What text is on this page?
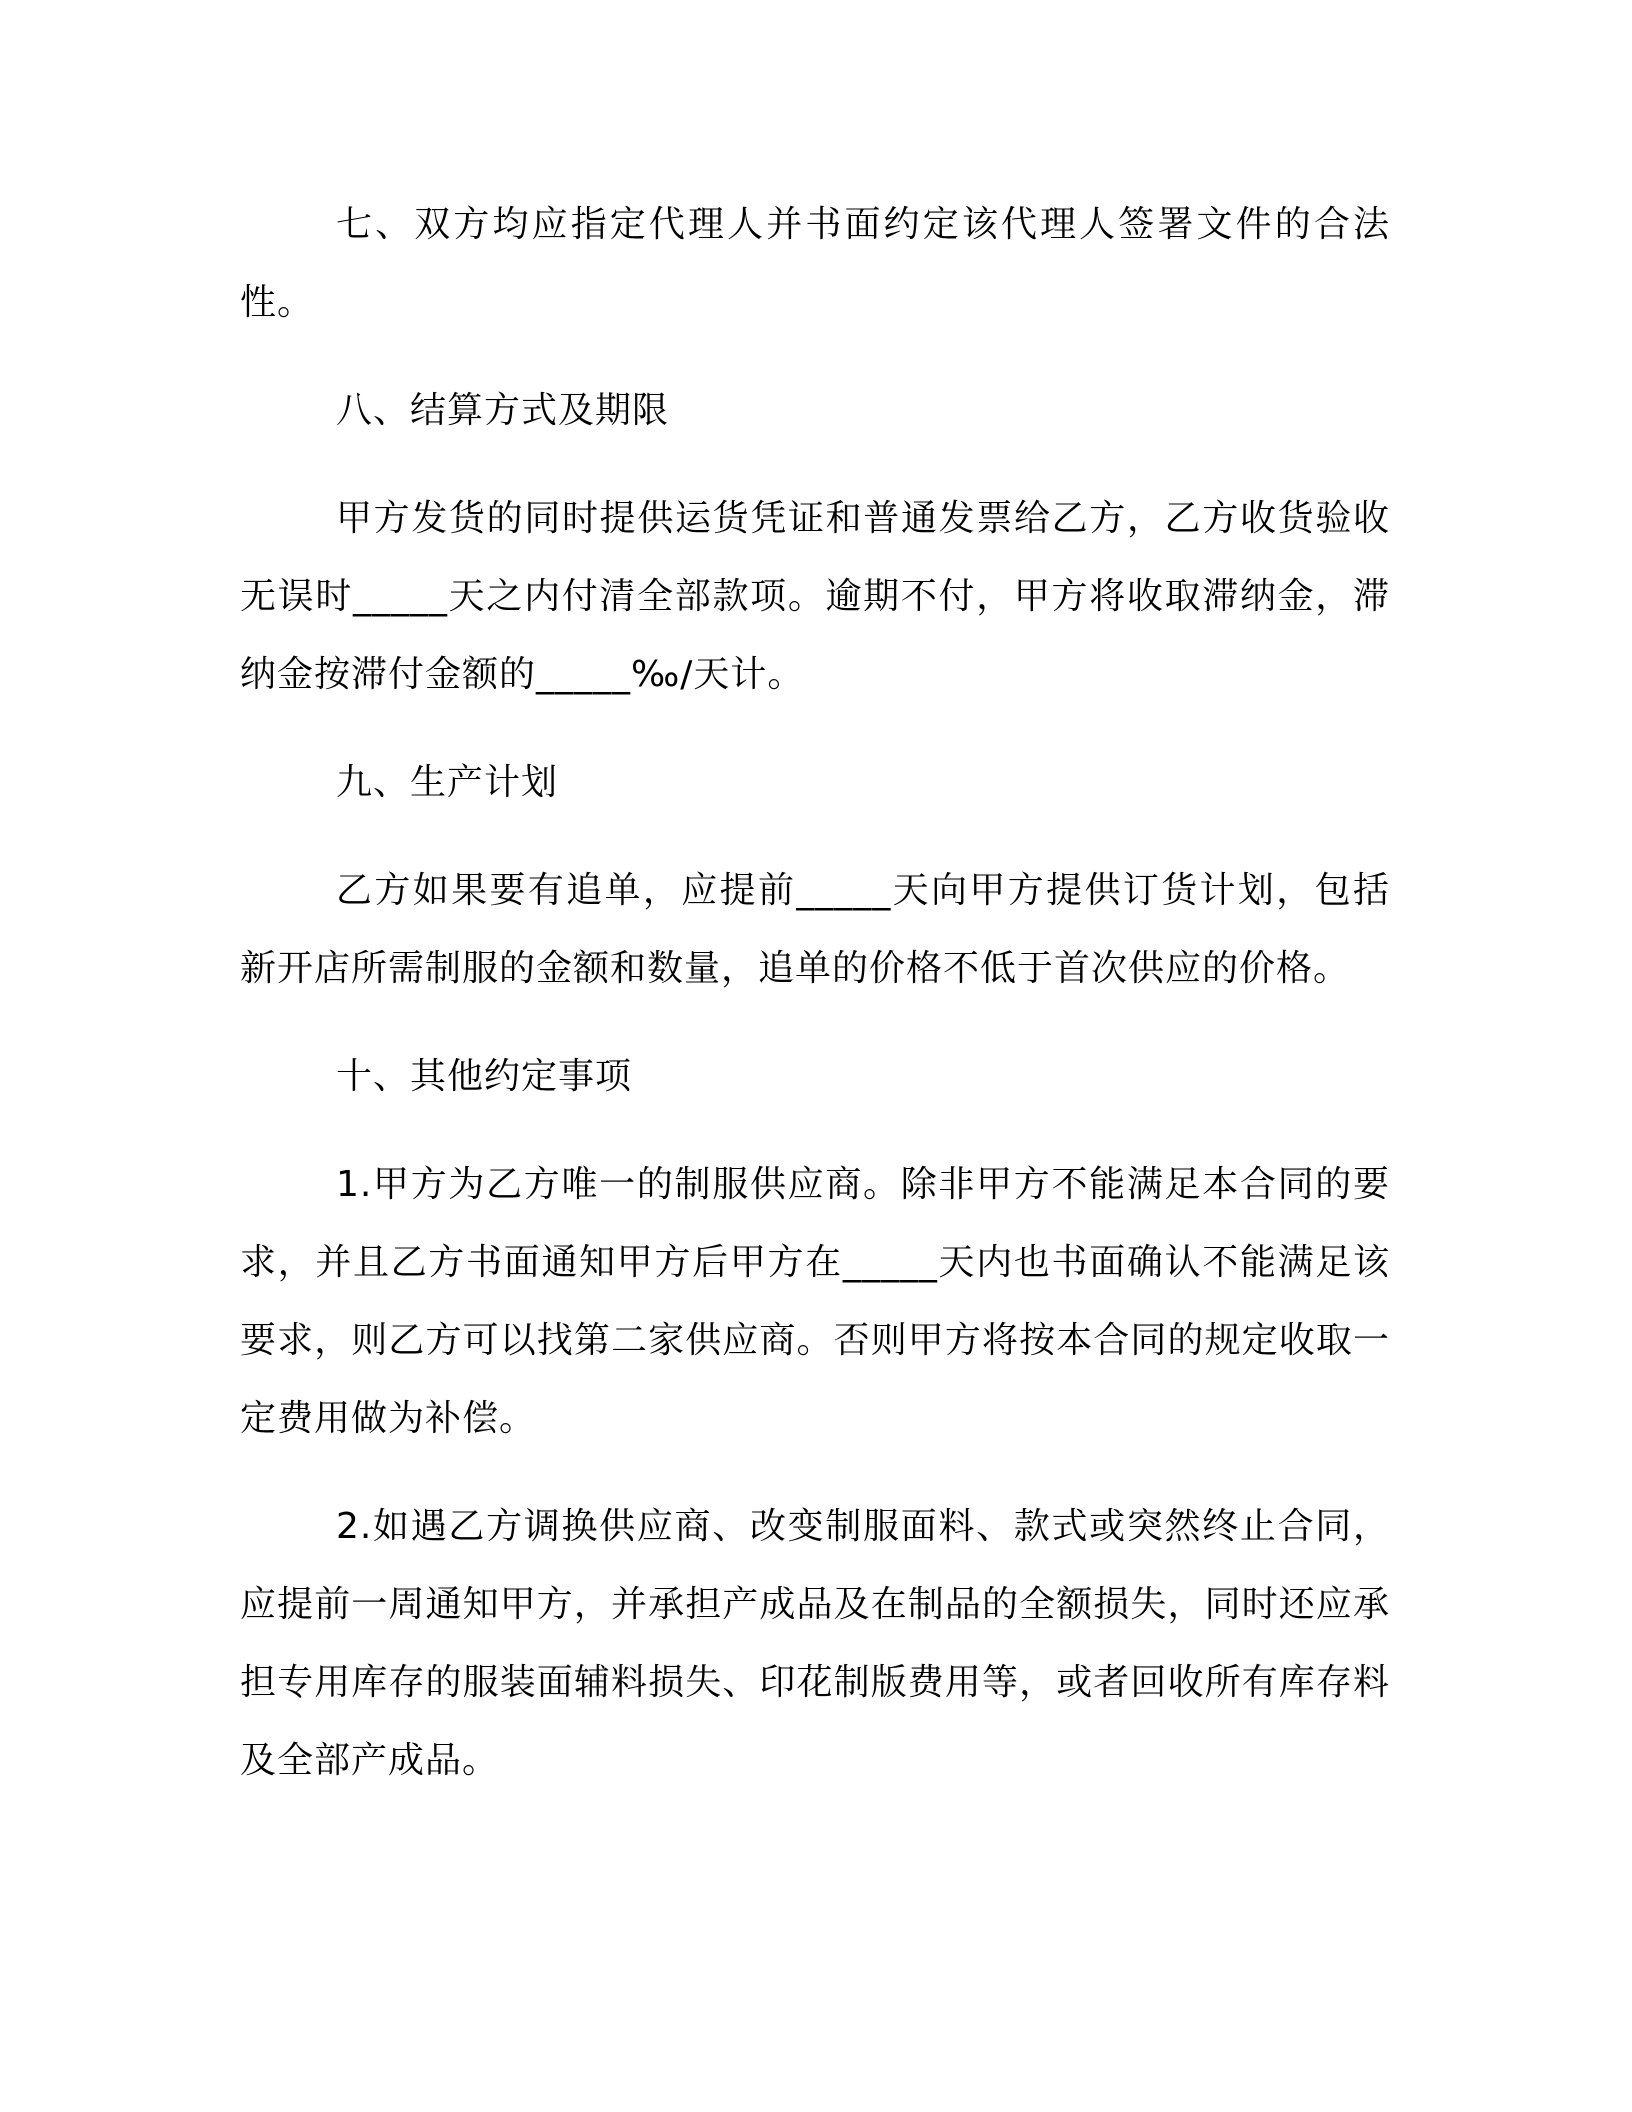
七、双方均应指定代理人并书面约定该代理人签署文件的合法性。

八、结算方式及期限

甲方发货的同时提供运货凭证和普通发票给乙方，乙方收货验收无误时_____天之内付清全部款项。逾期不付，甲方将收取滞纳金，滞纳金按滞付金额的_____‰/天计。

九、生产计划

乙方如果要有追单，应提前_____天向甲方提供订货计划，包括新开店所需制服的金额和数量，追单的价格不低于首次供应的价格。

十、其他约定事项

1.甲方为乙方唯一的制服供应商。除非甲方不能满足本合同的要求，并且乙方书面通知甲方后甲方在_____天内也书面确认不能满足该要求，则乙方可以找第二家供应商。否则甲方将按本合同的规定收取一定费用做为补偿。

2.如遇乙方调换供应商、改变制服面料、款式或突然终止合同，应提前一周通知甲方，并承担产成品及在制品的全额损失，同时还应承担专用库存的服装面辅料损失、印花制版费用等，或者回收所有库存料及全部产成品。
